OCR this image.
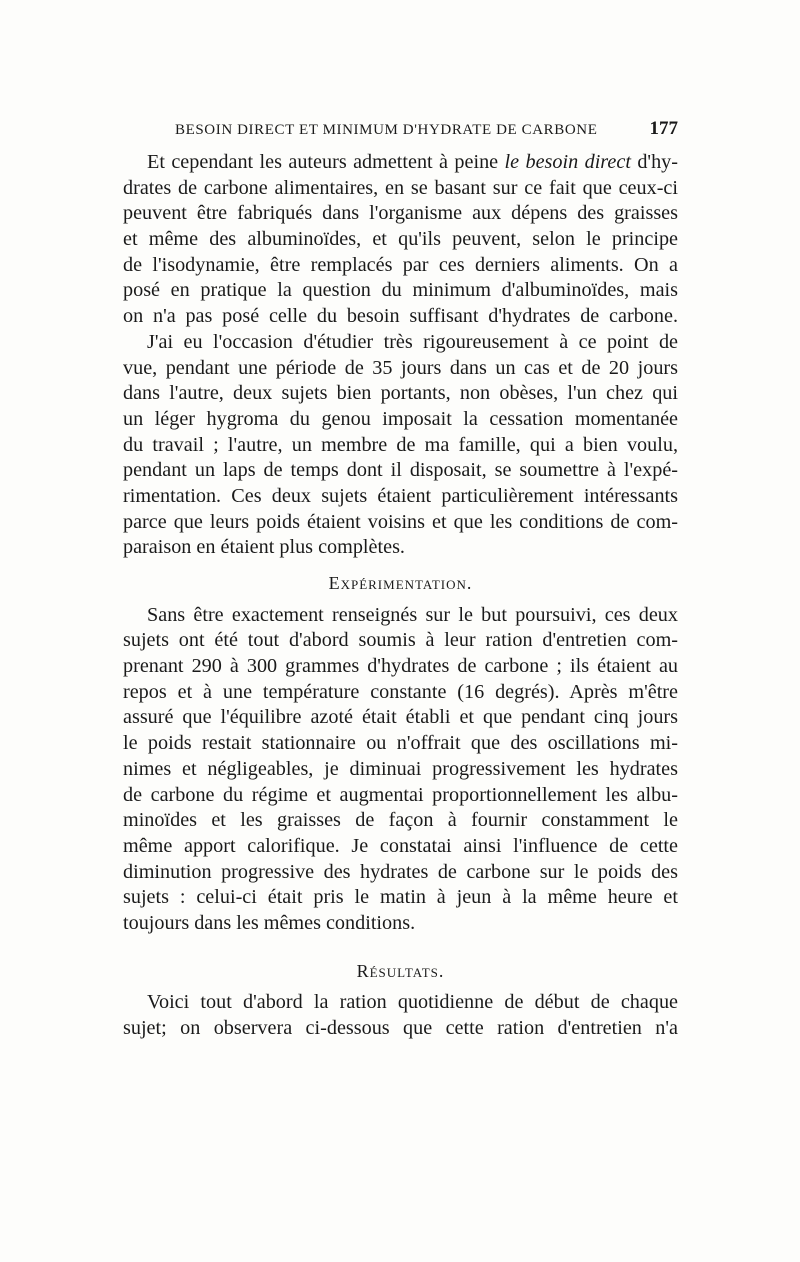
BESOIN DIRECT ET MINIMUM D'HYDRATE DE CARBONE	177
Et cependant les auteurs admettent à peine le besoin direct d'hy-
drates de carbone alimentaires, en se basant sur ce fait que ceux-ci
peuvent être fabriqués dans l'organisme aux dépens des graisses
et même des albuminoïdes, et qu'ils peuvent, selon le principe
de l'isodynamie, être remplacés par ces derniers aliments. On a
posé en pratique la question du minimum d'albuminoïdes, mais
on n'a pas posé celle du besoin suffisant d'hydrates de carbone.
J'ai eu l'occasion d'étudier très rigoureusement à ce point de
vue, pendant une période de 35 jours dans un cas et de 20 jours
dans l'autre, deux sujets bien portants, non obèses, l'un chez qui
un léger hygroma du genou imposait la cessation momentanée
du travail ; l'autre, un membre de ma famille, qui a bien voulu,
pendant un laps de temps dont il disposait, se soumettre à l'expé-
rimentation. Ces deux sujets étaient particulièrement intéressants
parce que leurs poids étaient voisins et que les conditions de com-
paraison en étaient plus complètes.
Expérimentation.
Sans être exactement renseignés sur le but poursuivi, ces deux
sujets ont été tout d'abord soumis à leur ration d'entretien com-
prenant 290 à 300 grammes d'hydrates de carbone ; ils étaient au
repos et à une température constante (16 degrés). Après m'être
assuré que l'équilibre azoté était établi et que pendant cinq jours
le poids restait stationnaire ou n'offrait que des oscillations mi-
nimes et négligeables, je diminuai progressivement les hydrates
de carbone du régime et augmentai proportionnellement les albu-
minoïdes et les graisses de façon à fournir constamment le
même apport calorifique. Je constatai ainsi l'influence de cette
diminution progressive des hydrates de carbone sur le poids des
sujets : celui-ci était pris le matin à jeun à la même heure et
toujours dans les mêmes conditions.
Résultats.
Voici tout d'abord la ration quotidienne de début de chaque
sujet; on observera ci-dessous que cette ration d'entretien n'a
